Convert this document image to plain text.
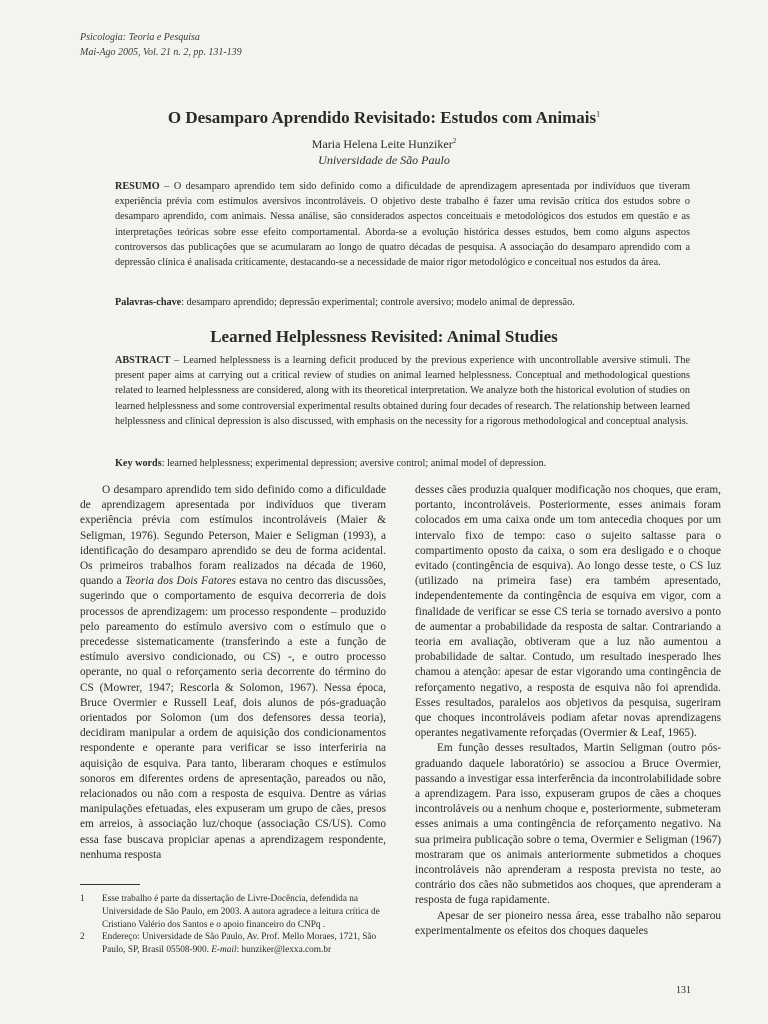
Psicologia: Teoria e Pesquisa
Mai-Ago 2005, Vol. 21 n. 2, pp. 131-139
O Desamparo Aprendido Revisitado: Estudos com Animais$^1$
Maria Helena Leite Hunziker$^2$
Universidade de São Paulo
RESUMO – O desamparo aprendido tem sido definido como a dificuldade de aprendizagem apresentada por indivíduos que tiveram experiência prévia com estímulos aversivos incontroláveis. O objetivo deste trabalho é fazer uma revisão crítica dos estudos sobre o desamparo aprendido, com animais. Nessa análise, são considerados aspectos conceituais e metodológicos dos estudos em questão e as interpretações teóricas sobre esse efeito comportamental. Aborda-se a evolução histórica desses estudos, bem como alguns aspectos controversos das publicações que se acumularam ao longo de quatro décadas de pesquisa. A associação do desamparo aprendido com a depressão clínica é analisada criticamente, destacando-se a necessidade de maior rigor metodológico e conceitual nos estudos da área.
Palavras-chave: desamparo aprendido; depressão experimental; controle aversivo; modelo animal de depressão.
Learned Helplessness Revisited: Animal Studies
ABSTRACT – Learned helplessness is a learning deficit produced by the previous experience with uncontrollable aversive stimuli. The present paper aims at carrying out a critical review of studies on animal learned helplessness. Conceptual and methodological questions related to learned helplessness are considered, along with its theoretical interpretation. We analyze both the historical evolution of studies on learned helplessness and some controversial experimental results obtained during four decades of research. The relationship between learned helplessness and clinical depression is also discussed, with emphasis on the necessity for a rigorous methodological and conceptual analysis.
Key words: learned helplessness; experimental depression; aversive control; animal model of depression.

O desamparo aprendido tem sido definido como a dificuldade de aprendizagem apresentada por indivíduos que tiveram experiência prévia com estímulos incontroláveis (Maier & Seligman, 1976). Segundo Peterson, Maier e Seligman (1993), a identificação do desamparo aprendido se deu de forma acidental. Os primeiros trabalhos foram realizados na década de 1960, quando a Teoria dos Dois Fatores estava no centro das discussões, sugerindo que o comportamento de esquiva decorreria de dois processos de aprendizagem: um processo respondente – produzido pelo pareamento do estímulo aversivo com o estímulo que o precedesse sistematicamente (transferindo a este a função de estímulo aversivo condicionado, ou CS) -, e outro processo operante, no qual o reforçamento seria decorrente do término do CS (Mowrer, 1947; Rescorla & Solomon, 1967). Nessa época, Bruce Overmier e Russell Leaf, dois alunos de pós-graduação orientados por Solomon (um dos defensores dessa teoria), decidiram manipular a ordem de aquisição dos condicionamentos respondente e operante para verificar se isso interferiria na aquisição de esquiva. Para tanto, liberaram choques e estímulos sonoros em diferentes ordens de apresentação, pareados ou não, relacionados ou não com a resposta de esquiva. Dentre as várias manipulações efetuadas, eles expuseram um grupo de cães, presos em arreios, à associação luz/choque (associação CS/US). Como essa fase buscava propiciar apenas a aprendizagem respondente, nenhuma resposta

desses cães produzia qualquer modificação nos choques, que eram, portanto, incontroláveis. Posteriormente, esses animais foram colocados em uma caixa onde um tom antecedia choques por um intervalo fixo de tempo: caso o sujeito saltasse para o compartimento oposto da caixa, o som era desligado e o choque evitado (contingência de esquiva). Ao longo desse teste, o CS luz (utilizado na primeira fase) era também apresentado, independentemente da contingência de esquiva em vigor, com a finalidade de verificar se esse CS teria se tornado aversivo a ponto de aumentar a probabilidade da resposta de saltar. Contrariando a teoria em avaliação, obtiveram que a luz não aumentou a probabilidade de saltar. Contudo, um resultado inesperado lhes chamou a atenção: apesar de estar vigorando uma contingência de reforçamento negativo, a resposta de esquiva não foi aprendida. Esses resultados, paralelos aos objetivos da pesquisa, sugeriram que choques incontroláveis podiam afetar novas aprendizagens operantes negativamente reforçadas (Overmier & Leaf, 1965).

Em função desses resultados, Martin Seligman (outro pós-graduando daquele laboratório) se associou a Bruce Overmier, passando a investigar essa interferência da incontrolabilidade sobre a aprendizagem. Para isso, expuseram grupos de cães a choques incontroláveis ou a nenhum choque e, posteriormente, submeteram esses animais a uma contingência de reforçamento negativo. Na sua primeira publicação sobre o tema, Overmier e Seligman (1967) mostraram que os animais anteriormente submetidos a choques incontroláveis não aprenderam a resposta prevista no teste, ao contrário dos cães não submetidos aos choques, que aprenderam a resposta de fuga rapidamente.

Apesar de ser pioneiro nessa área, esse trabalho não separou experimentalmente os efeitos dos choques daqueles

1	Esse trabalho é parte da dissertação de Livre-Docência, defendida na Universidade de São Paulo, em 2003. A autora agradece a leitura crítica de Cristiano Valério dos Santos e o apoio financeiro do CNPq .
2	Endereço: Universidade de São Paulo, Av. Prof. Mello Moraes, 1721, São Paulo, SP, Brasil 05508-900. E-mail: hunziker@lexxa.com.br
131
